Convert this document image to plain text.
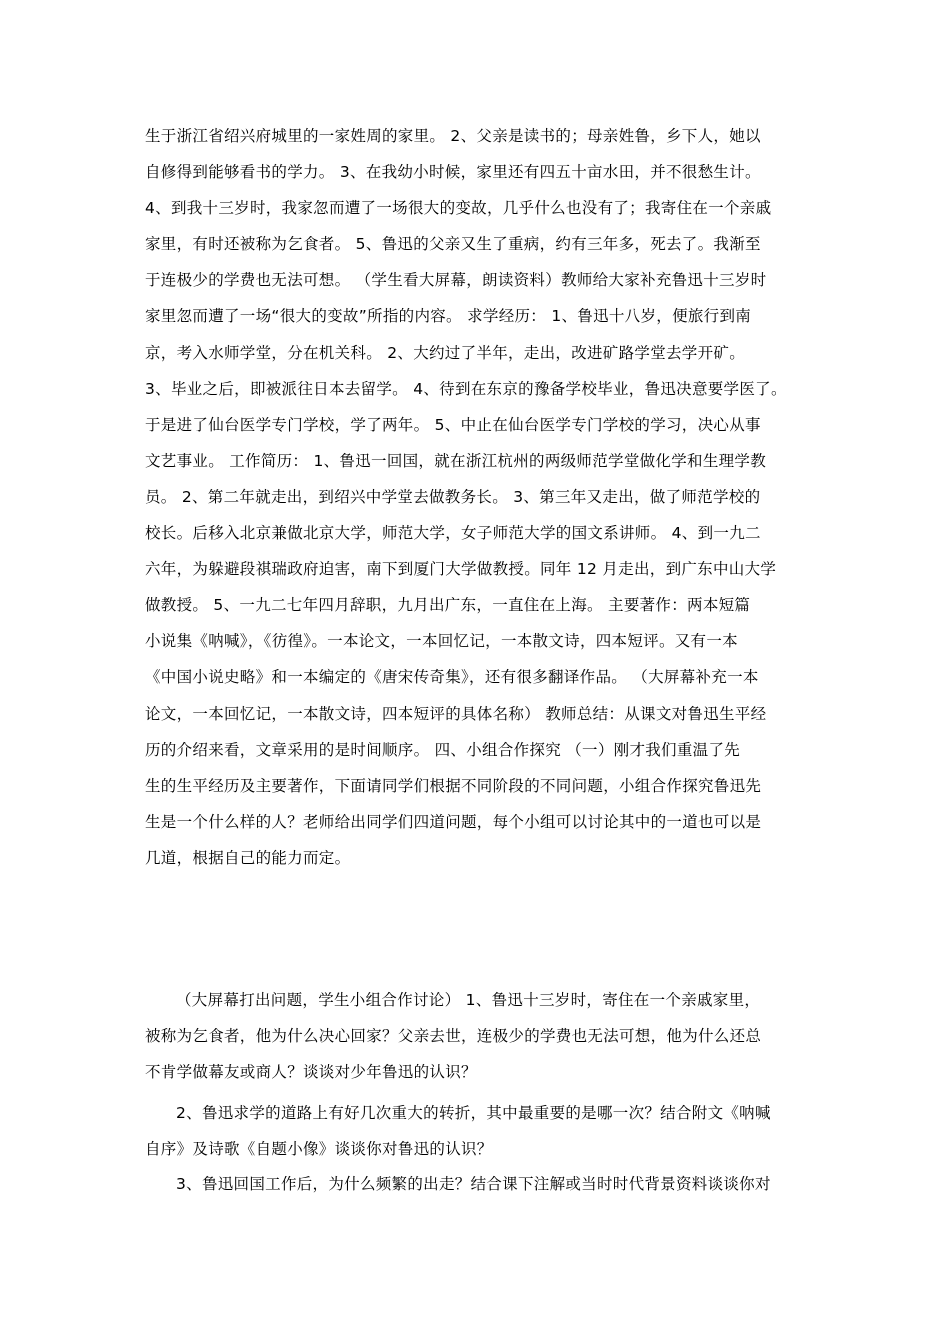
生于浙江省绍兴府城里的一家姓周的家里。 2、父亲是读书的；母亲姓鲁，乡下人，她以
自修得到能够看书的学力。 3、在我幼小时候，家里还有四五十亩水田，并不很愁生计。
4、到我十三岁时，我家忽而遭了一场很大的变故，几乎什么也没有了；我寄住在一个亲戚
家里，有时还被称为乞食者。 5、鲁迅的父亲又生了重病，约有三年多，死去了。我渐至
于连极少的学费也无法可想。 （学生看大屏幕，朗读资料）教师给大家补充鲁迅十三岁时
家里忽而遭了一场“很大的变故”所指的内容。 求学经历： 1、鲁迅十八岁，便旅行到南
京，考入水师学堂，分在机关科。 2、大约过了半年，走出，改进矿路学堂去学开矿。
3、毕业之后，即被派往日本去留学。 4、待到在东京的豫备学校毕业，鲁迅决意要学医了。
于是进了仙台医学专门学校，学了两年。 5、中止在仙台医学专门学校的学习，决心从事
文艺事业。 工作简历： 1、鲁迅一回国，就在浙江杭州的两级师范学堂做化学和生理学教
员。 2、第二年就走出，到绍兴中学堂去做教务长。 3、第三年又走出，做了师范学校的
校长。后移入北京兼做北京大学，师范大学，女子师范大学的国文系讲师。 4、到一九二
六年，为躲避段祺瑞政府迫害，南下到厦门大学做教授。同年 12 月走出，到广东中山大学
做教授。 5、一九二七年四月辞职，九月出广东，一直住在上海。 主要著作：两本短篇
小说集《呐喊》，《彷徨》。一本论文，一本回忆记，一本散文诗，四本短评。又有一本
《中国小说史略》和一本编定的《唐宋传奇集》，还有很多翻译作品。 （大屏幕补充一本
论文，一本回忆记，一本散文诗，四本短评的具体名称） 教师总结：从课文对鲁迅生平经
历的介绍来看，文章采用的是时间顺序。 四、小组合作探究 （一）刚才我们重温了先
生的生平经历及主要著作，下面请同学们根据不同阶段的不同问题，小组合作探究鲁迅先
生是一个什么样的人？老师给出同学们四道问题，每个小组可以讨论其中的一道也可以是
几道，根据自己的能力而定。
（大屏幕打出问题，学生小组合作讨论） 1、鲁迅十三岁时，寄住在一个亲戚家里，
被称为乞食者，他为什么决心回家？父亲去世，连极少的学费也无法可想，他为什么还总
不肯学做幕友或商人？谈谈对少年鲁迅的认识？
2、鲁迅求学的道路上有好几次重大的转折，其中最重要的是哪一次？结合附文《呐喊
自序》及诗歌《自题小像》谈谈你对鲁迅的认识？
3、鲁迅回国工作后，为什么频繁的出走？结合课下注解或当时时代背景资料谈谈你对
